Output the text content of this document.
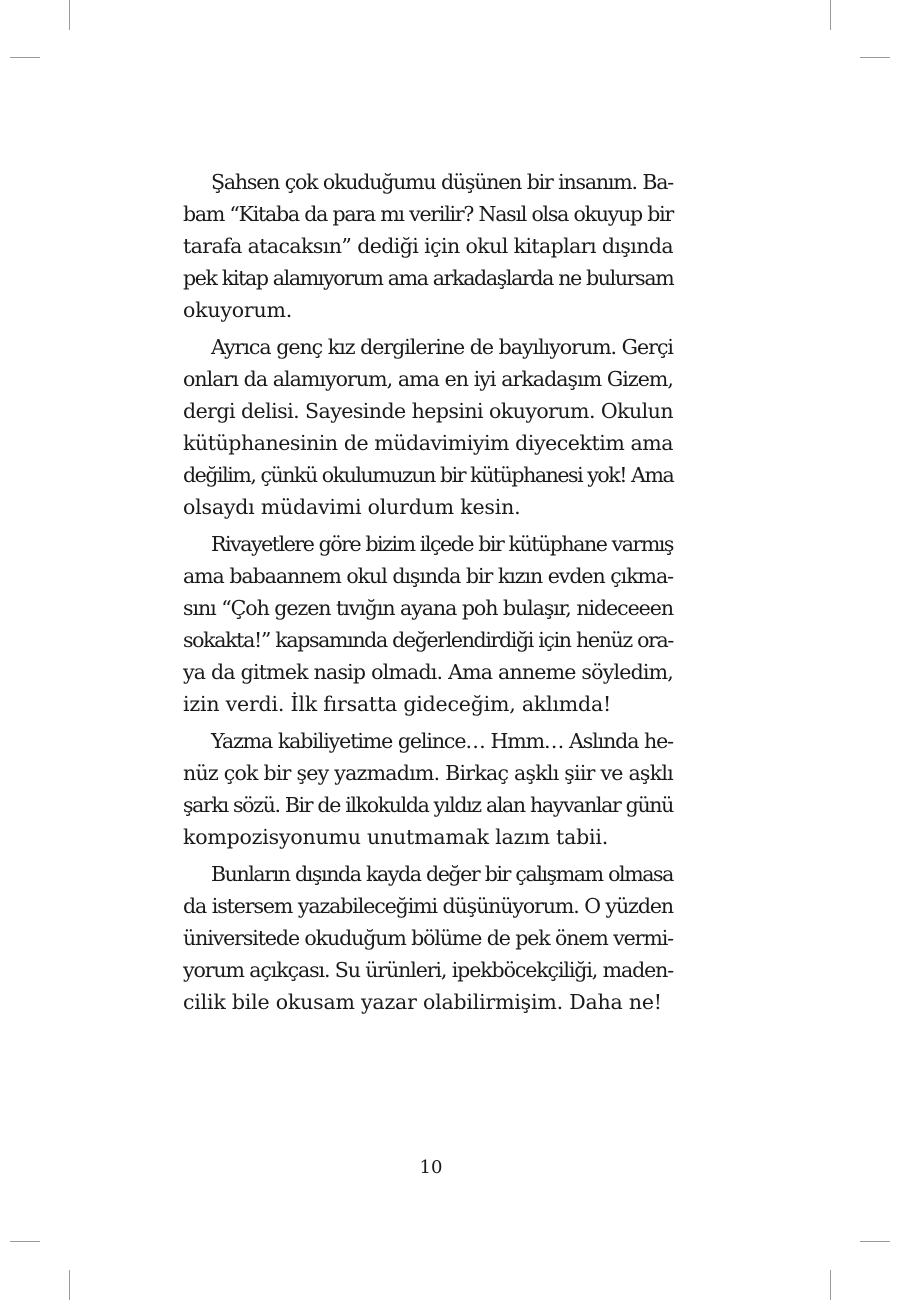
Şahsen çok okuduğumu düşünen bir insanım. Ba-
bam “Kitaba da para mı verilir? Nasıl olsa okuyup bir
tarafa atacaksın” dediği için okul kitapları dışında
pek kitap alamıyorum ama arkadaşlarda ne bulursam
okuyorum.
Ayrıca genç kız dergilerine de bayılıyorum. Gerçi
onları da alamıyorum, ama en iyi arkadaşım Gizem,
dergi delisi. Sayesinde hepsini okuyorum. Okulun
kütüphanesinin de müdavimiyim diyecektim ama
değilim, çünkü okulumuzun bir kütüphanesi yok! Ama
olsaydı müdavimi olurdum kesin.
Rivayetlere göre bizim ilçede bir kütüphane varmış
ama babaannem okul dışında bir kızın evden çıkma-
sını “Çoh gezen tıvığın ayana poh bulaşır, nideceeen
sokakta!” kapsamında değerlendirdiği için henüz ora-
ya da gitmek nasip olmadı. Ama anneme söyledim,
izin verdi. İlk fırsatta gideceğim, aklımda!
Yazma kabiliyetime gelince… Hmm… Aslında he-
nüz çok bir şey yazmadım. Birkaç aşklı şiir ve aşklı
şarkı sözü. Bir de ilkokulda yıldız alan hayvanlar günü
kompozisyonumu unutmamak lazım tabii.
Bunların dışında kayda değer bir çalışmam olmasa
da istersem yazabileceğimi düşünüyorum. O yüzden
üniversitede okuduğum bölüme de pek önem vermi-
yorum açıkçası. Su ürünleri, ipekböcekçiliği, maden-
cilik bile okusam yazar olabilirmişim. Daha ne!
10
